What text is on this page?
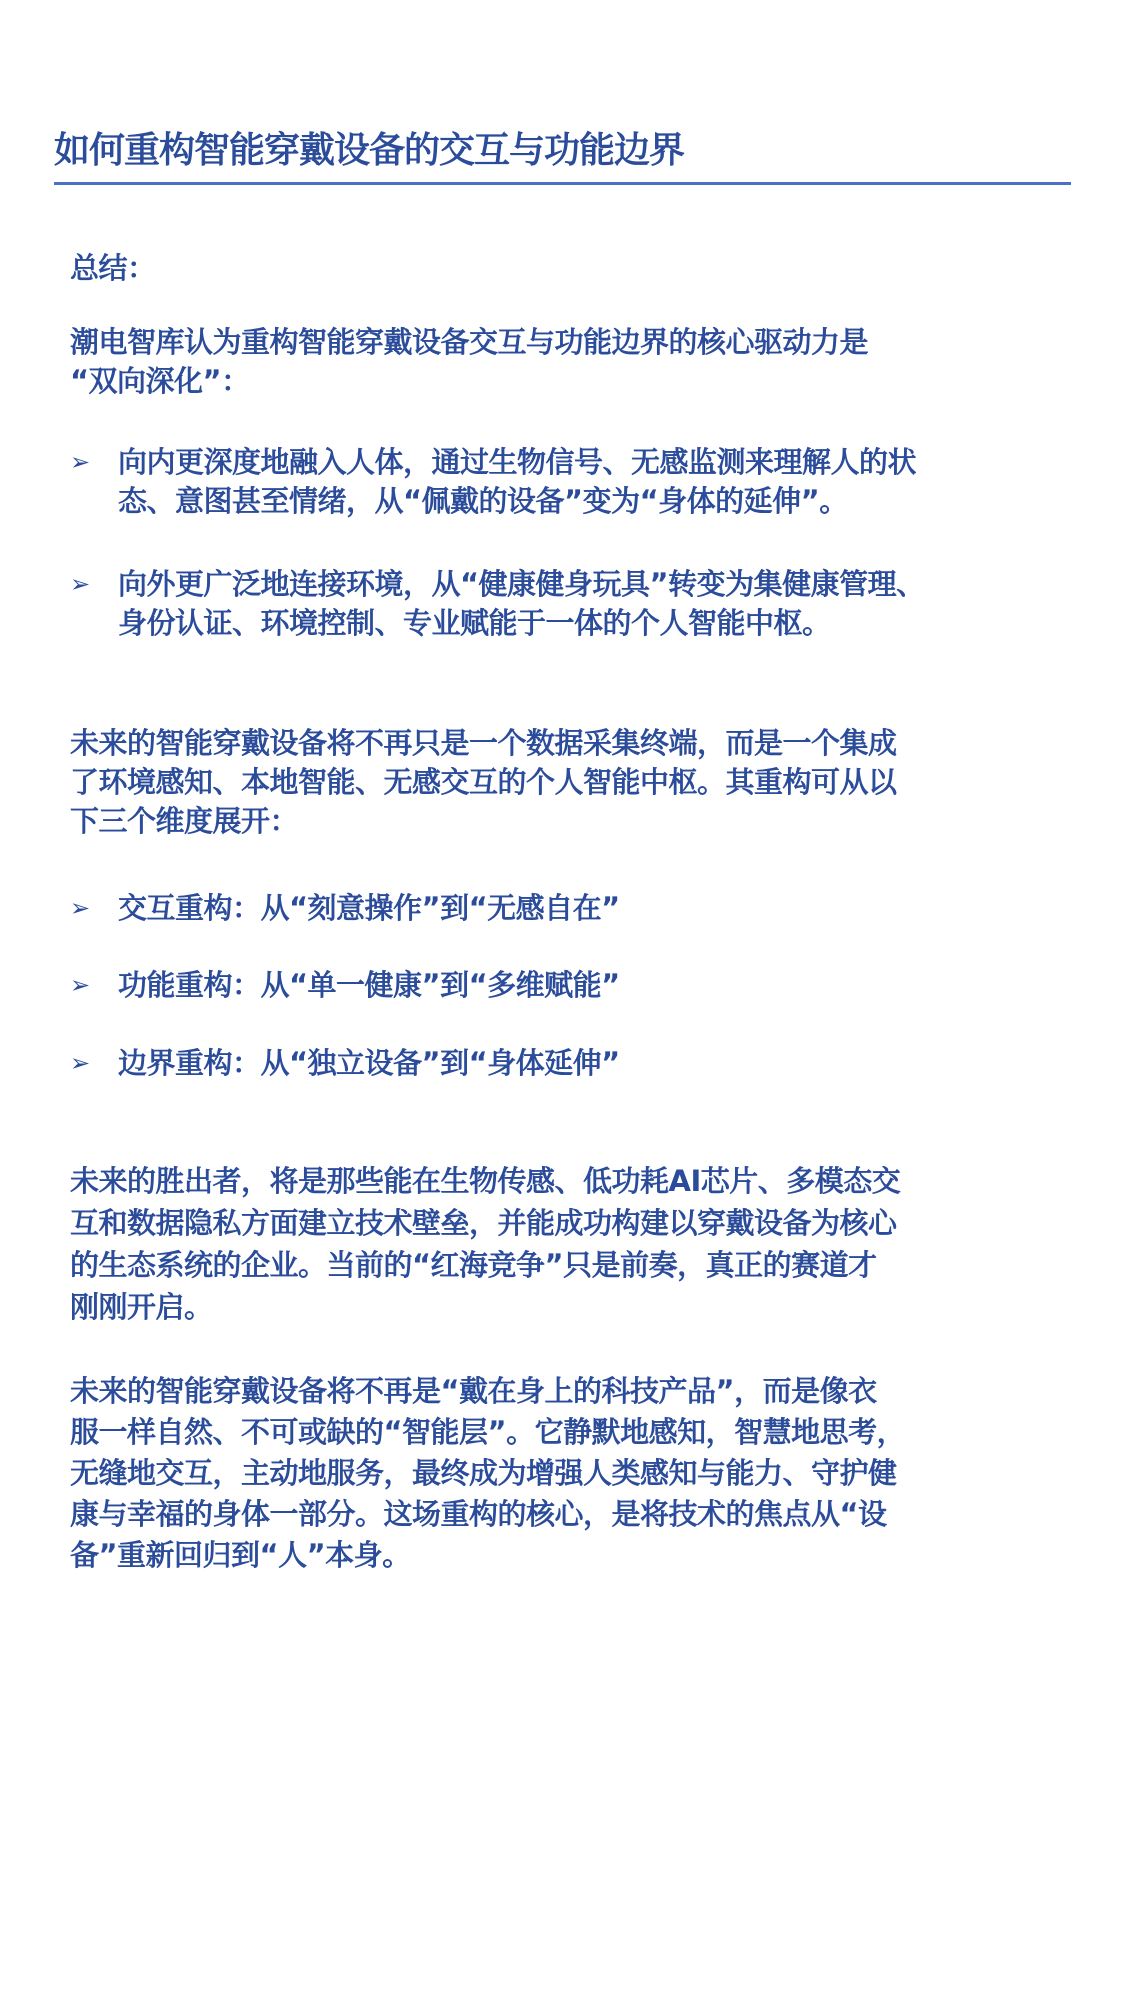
如何重构智能穿戴设备的交互与功能边界
总结：
潮电智库认为重构智能穿戴设备交互与功能边界的核心驱动力是
“双向深化”：
➢ 向内更深度地融入人体，通过生物信号、无感监测来理解人的状
态、意图甚至情绪，从“佩戴的设备”变为“身体的延伸”。
➢ 向外更广泛地连接环境，从“健康健身玩具”转变为集健康管理、
身份认证、环境控制、专业赋能于一体的个人智能中枢。
未来的智能穿戴设备将不再只是一个数据采集终端，而是一个集成
了环境感知、本地智能、无感交互的个人智能中枢。其重构可从以
下三个维度展开：
➢ 交互重构：从“刻意操作”到“无感自在”
➢ 功能重构：从“单一健康”到“多维赋能”
➢ 边界重构：从“独立设备”到“身体延伸”
未来的胜出者，将是那些能在生物传感、低功耗AI芯片、多模态交
互和数据隐私方面建立技术壁垒，并能成功构建以穿戴设备为核心
的生态系统的企业。当前的“红海竞争”只是前奏，真正的赛道才
刚刚开启。
未来的智能穿戴设备将不再是“戴在身上的科技产品”，而是像衣
服一样自然、不可或缺的“智能层”。它静默地感知，智慧地思考，
无缝地交互，主动地服务，最终成为增强人类感知与能力、守护健
康与幸福的身体一部分。这场重构的核心，是将技术的焦点从“设
备”重新回归到“人”本身。
